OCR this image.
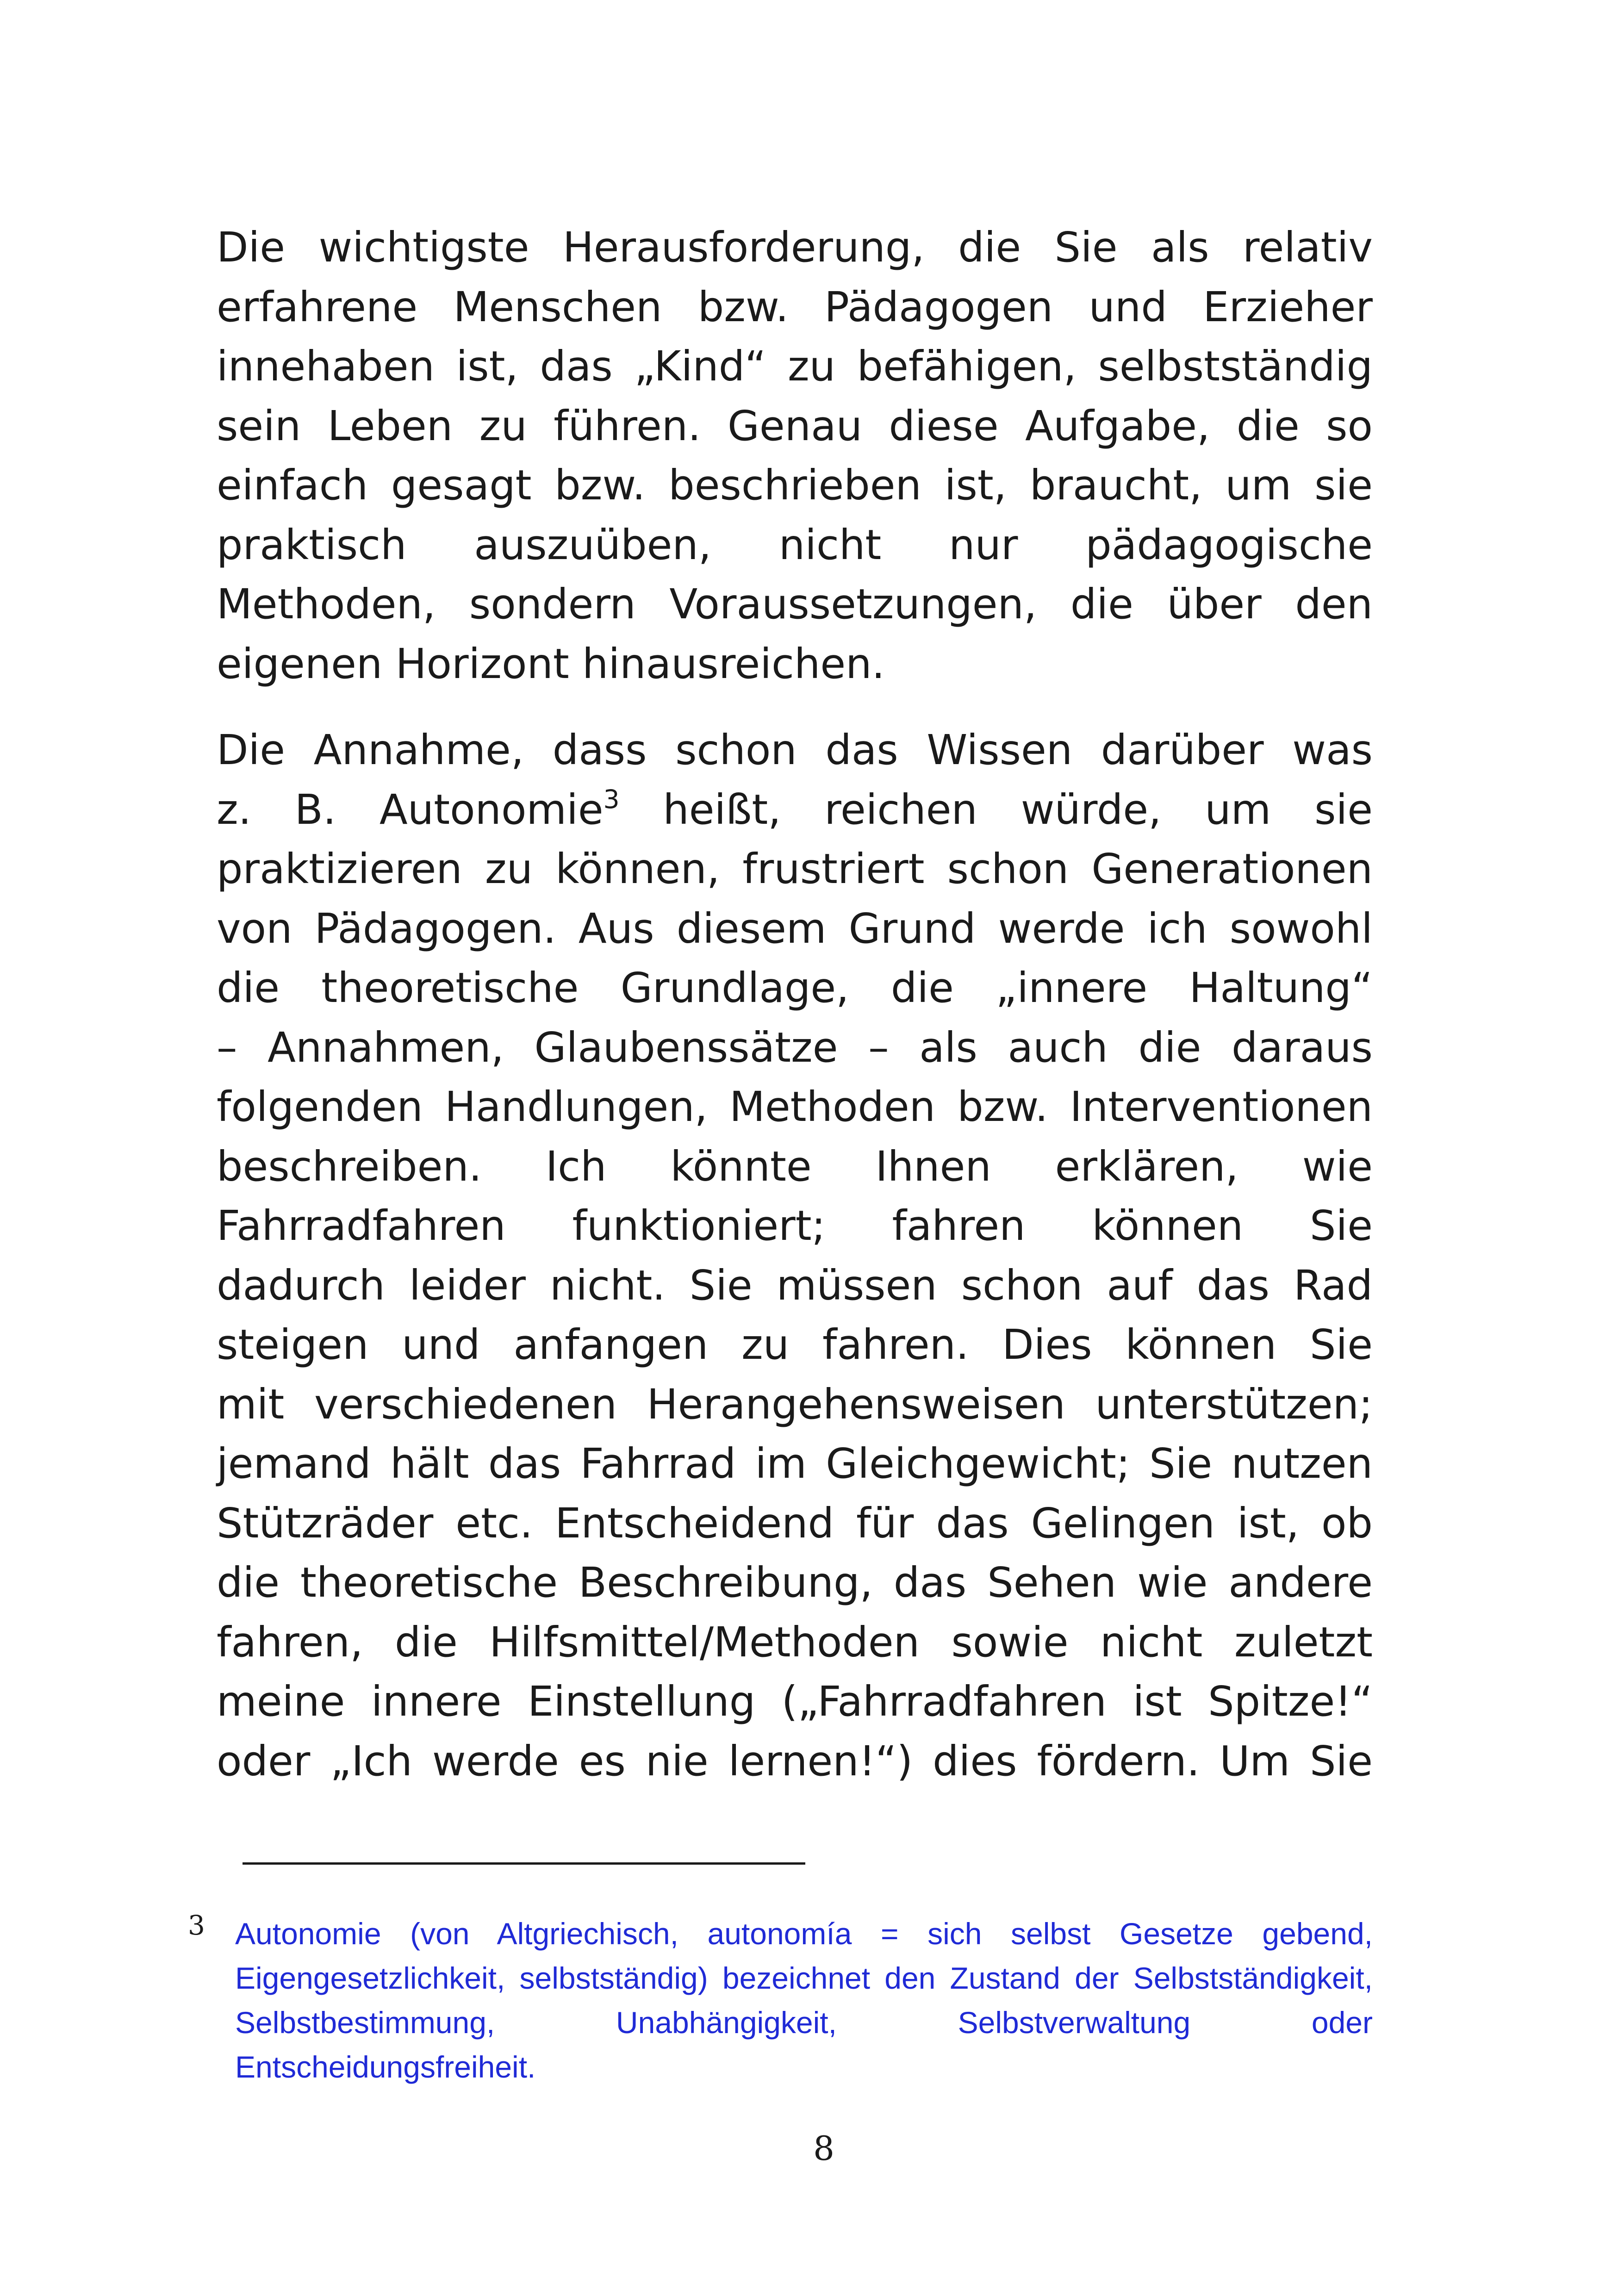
Die wichtigste Herausforderung, die Sie als relativ
erfahrene Menschen bzw. Pädagogen und Erzieher
innehaben ist, das „Kind“ zu befähigen, selbstständig
sein Leben zu führen. Genau diese Aufgabe, die so
einfach gesagt bzw. beschrieben ist, braucht, um sie
praktisch auszuüben, nicht nur pädagogische
Methoden, sondern Voraussetzungen, die über den
eigenen Horizont hinausreichen.
Die Annahme, dass schon das Wissen darüber was
z. B. Autonomie$^3$ heißt, reichen würde, um sie
praktizieren zu können, frustriert schon Generationen
von Pädagogen. Aus diesem Grund werde ich sowohl
die theoretische Grundlage, die „innere Haltung“
– Annahmen, Glaubenssätze – als auch die daraus
folgenden Handlungen, Methoden bzw. Interventionen
beschreiben. Ich könnte Ihnen erklären, wie
Fahrradfahren funktioniert; fahren können Sie
dadurch leider nicht. Sie müssen schon auf das Rad
steigen und anfangen zu fahren. Dies können Sie
mit verschiedenen Herangehensweisen unterstützen;
jemand hält das Fahrrad im Gleichgewicht; Sie nutzen
Stützräder etc. Entscheidend für das Gelingen ist, ob
die theoretische Beschreibung, das Sehen wie andere
fahren, die Hilfsmittel/Methoden sowie nicht zuletzt
meine innere Einstellung („Fahrradfahren ist Spitze!“
oder „Ich werde es nie lernen!“) dies fördern. Um Sie
3 Autonomie (von Altgriechisch, autonomía = sich selbst Gesetze gebend,
Eigengesetzlichkeit, selbstständig) bezeichnet den Zustand der Selbstständigkeit,
Selbstbestimmung, Unabhängigkeit, Selbstverwaltung oder
Entscheidungsfreiheit.
8
